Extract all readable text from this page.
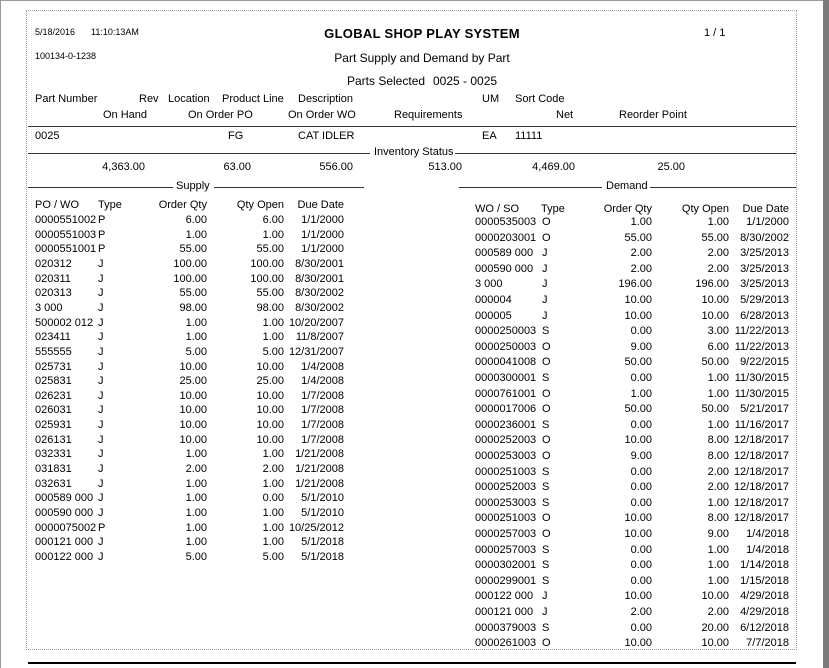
5/18/2016 11:10:13AM
100134-0-1238
GLOBAL SHOP PLAY SYSTEM	1 / 1
Part Supply and Demand by Part
Parts Selected 0025 - 0025
Part Number	Rev Location Product Line Description	UM Sort Code
On Hand	On Order PO	On Order WO	Requirements	Net	Reorder Point
0025	FG	CAT IDLER	EA 11111
Inventory Status
4,363.00	63.00	556.00	513.00	4,469.00	25.00
Supply	Demand
PO / WO Type	Order Qty	Qty Open	Due Date
0000551002 P	6.00	6.00	1/1/2000
0000551003 P	1.00	1.00	1/1/2000
0000551001 P	55.00	55.00	1/1/2000
020312 J	100.00	100.00	8/30/2001
020311 J	100.00	100.00	8/30/2001
020313 J	55.00	55.00	8/30/2002
3 000	J	98.00	98.00	8/30/2002
500002 012 J	1.00	1.00 10/20/2007
023411 J	1.00	1.00	11/8/2007
555555 J	5.00	5.00 12/31/2007
025731 J	10.00	10.00	1/4/2008
025831 J	25.00	25.00	1/4/2008
026231 J	10.00	10.00	1/7/2008
026031 J	10.00	10.00	1/7/2008
025931 J	10.00	10.00	1/7/2008
026131 J	10.00	10.00	1/7/2008
032331 J	1.00	1.00	1/21/2008
031831 J	2.00	2.00	1/21/2008
032631 J	1.00	1.00	1/21/2008
000589 000 J	1.00	0.00	5/1/2010
000590 000 J	1.00	1.00	5/1/2010
0000075002 P	1.00	1.00 10/25/2012
000121 000 J	1.00	1.00	5/1/2018
000122 000 J	5.00	5.00	5/1/2018
WO / SO Type	Order Qty	Qty Open	Due Date
0000535003 O	1.00	1.00	1/1/2000
0000203001 O	55.00	55.00	8/30/2002
000589 000 J	2.00	2.00	3/25/2013
000590 000 J	2.00	2.00	3/25/2013
3 000	J	196.00	196.00	3/25/2013
000004	J	10.00	10.00	5/29/2013
000005	J	10.00	10.00	6/28/2013
0000250003 S	0.00	3.00 11/22/2013
0000250003 O	9.00	6.00 11/22/2013
0000041008 O	50.00	50.00	9/22/2015
0000300001 S	0.00	1.00 11/30/2015
0000761001 O	1.00	1.00 11/30/2015
0000017006 O	50.00	50.00	5/21/2017
0000236001 S	0.00	1.00 11/16/2017
0000252003 O	10.00	8.00 12/18/2017
0000253003 O	9.00	8.00 12/18/2017
0000251003 S	0.00	2.00 12/18/2017
0000252003 S	0.00	2.00 12/18/2017
0000253003 S	0.00	1.00 12/18/2017
0000251003 O	10.00	8.00 12/18/2017
0000257003 O	10.00	9.00	1/4/2018
0000257003 S	0.00	1.00	1/4/2018
0000302001 S	0.00	1.00	1/14/2018
0000299001 S	0.00	1.00	1/15/2018
000122 000 J	10.00	10.00	4/29/2018
000121 000 J	2.00	2.00	4/29/2018
0000379003 S	0.00	20.00	6/12/2018
0000261003 O	10.00	10.00	7/7/2018
